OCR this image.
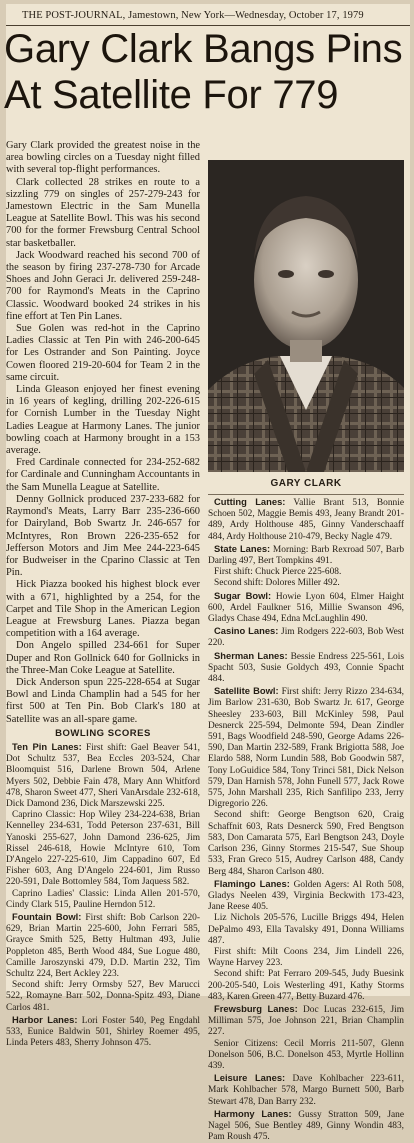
THE POST-JOURNAL, Jamestown, New York—Wednesday, October 17, 1979
Gary Clark Bangs Pins
At Satellite For 779

Gary Clark provided the greatest noise in the area bowling circles on a Tuesday night filled with several top-flight performances.

Clark collected 28 strikes en route to a sizzling 779 on singles of 257-279-243 for Jamestown Electric in the Sam Munella League at Satellite Bowl. This was his second 700 for the former Frewsburg Central School star basketballer.

Jack Woodward reached his second 700 of the season by firing 237-278-730 for Arcade Shoes and John Geraci Jr. delivered 259-248-700 for Raymond's Meats in the Caprino Classic. Woodward booked 24 strikes in his fine effort at Ten Pin Lanes.

Sue Golen was red-hot in the Caprino Ladies Classic at Ten Pin with 246-200-645 for Les Ostrander and Son Painting. Joyce Cowen floored 219-20-604 for Team 2 in the same circuit.

Linda Gleason enjoyed her finest evening in 16 years of kegling, drilling 202-226-615 for Cornish Lumber in the Tuesday Night Ladies League at Harmony Lanes. The junior bowling coach at Harmony brought in a 153 average.

Fred Cardinale connected for 234-252-682 for Cardinale and Cunningham Accountants in the Sam Munella League at Satellite.

Denny Gollnick produced 237-233-682 for Raymond's Meats, Larry Barr 235-236-660 for Dairyland, Bob Swartz Jr. 246-657 for McIntyres, Ron Brown 226-235-652 for Jefferson Motors and Jim Mee 244-223-645 for Budweiser in the Cparino Classic at Ten Pin.

Hick Piazza booked his highest block ever with a 671, highlighted by a 254, for the Carpet and Tile Shop in the American Legion League at Frewsburg Lanes. Piazza began competition with a 164 average.

Don Angelo spilled 234-661 for Super Duper and Ron Gollnick 640 for Gollnicks in the Three-Man Coke League at Satellite.

Dick Anderson spun 225-228-654 at Sugar Bowl and Linda Champlin had a 545 for her first 500 at Ten Pin. Bob Clark's 180 at Satellite was an all-spare game.

BOWLING SCORES

Ten Pin Lanes: First shift: Gael Beaver 541, Dot Schultz 537, Bea Eccles 203-524, Char Bloomquist 516, Darlene Brown 504, Arlene Myers 502, Debbie Fain 478, Mary Ann Whitford 478, Sharon Sweet 477, Sheri VanArsdale 232-618, Dick Damond 236, Dick Marszewski 225.

Caprino Classic: Hop Wiley 234-224-638, Brian Kennelley 234-631, Todd Peterson 237-631, Bill Yanoski 255-627, John Damond 236-625, Jim Rissel 246-618, Howie McIntyre 610, Tom D'Angelo 227-225-610, Jim Cappadino 607, Ed Fisher 603, Ang D'Angelo 224-601, Jim Russo 220-591, Dale Bottomley 584, Tom Jaquess 582.

Caprino Ladies' Classic: Linda Allen 201-570, Cindy Clark 515, Pauline Herndon 512.

Fountain Bowl: First shift: Bob Carlson 220-629, Brian Martin 225-600, John Ferrari 585, Grayce Smith 525, Betty Hultman 493, Julie Poppleton 485, Berth Wood 484, Sue Logue 480, Camille Jaroszynski 479, D.D. Martin 232, Tim Schultz 224, Bert Ackley 223.

Second shift: Jerry Ormsby 527, Bev Marucci 522, Romayne Barr 502, Donna-Spitz 493, Diane Carlos 481.

Harbor Lanes: Lori Foster 540, Peg Engdahl 533, Eunice Baldwin 501, Shirley Roemer 495, Linda Peters 483, Sherry Johnson 475.

GARY CLARK

Cutting Lanes: Vallie Brant 513, Bonnie Schoen 502, Maggie Bemis 493, Jeany Brandt 201-489, Ardy Holthouse 485, Ginny Vanderschaaff 484, Ardy Holthouse 210-479, Becky Nagle 479.

State Lanes: Morning: Barb Rexroad 507, Barb Darling 497, Bert Tompkins 491.

First shift: Chuck Pierce 225-608.

Second shift: Dolores Miller 492.

Sugar Bowl: Howie Lyon 604, Elmer Haight 600, Ardel Faulkner 516, Millie Swanson 496, Gladys Chase 494, Edna McLaughlin 490.

Casino Lanes: Jim Rodgers 222-603, Bob West 220.

Sherman Lanes: Bessie Endress 225-561, Lois Spacht 503, Susie Goldych 493, Connie Spacht 484.

Satellite Bowl: First shift: Jerry Rizzo 234-634, Jim Barlow 231-630, Bob Swartz Jr. 617, George Sheesley 233-603, Bill McKinley 598, Paul Desnerck 225-594, Delmonte 594, Dean Zindler 591, Bags Woodfield 248-590, George Adams 226-590, Dan Martin 232-589, Frank Brigiotta 588, Joe Elardo 588, Norm Lundin 588, Bob Goodwin 587, Tony LoGuidice 584, Tony Trinci 581, Dick Nelson 579, Dan Harnish 578, John Funell 577, Jack Rowe 575, John Marshall 235, Rich Sanfilipo 233, Jerry Digregorio 226.

Second shift: George Bengtson 620, Craig Schaffnit 603, Rats Desnerck 590, Fred Bengtson 583, Don Camarata 575, Earl Bengtson 243, Doyle Carlson 236, Ginny Stormes 215-547, Sue Shoup 533, Fran Greco 515, Audrey Carlson 488, Candy Berg 484, Sharon Carlson 480.

Flamingo Lanes: Golden Agers: Al Roth 508, Gladys Neelen 439, Virginia Beckwith 173-423, Jane Reese 405.

Liz Nichols 205-576, Lucille Briggs 494, Helen DePalmo 493, Ella Tavalsky 491, Donna Williams 487.

First shift: Milt Coons 234, Jim Lindell 226, Wayne Harvey 223.

Second shift: Pat Ferraro 209-545, Judy Buesink 200-205-540, Lois Westerling 491, Kathy Storms 483, Karen Green 477, Betty Buzard 476.

Frewsburg Lanes: Doc Lucas 232-615, Jim Milliman 575, Joe Johnson 221, Brian Champlin 227.

Senior Citizens: Cecil Morris 211-507, Glenn Donelson 506, B.C. Donelson 453, Myrtle Hollinn 439.

Leisure Lanes: Dave Kohlbacher 223-611, Mark Kohlbacher 578, Margo Burnett 500, Barb Stewart 478, Dan Barry 232.

Harmony Lanes: Gussy Stratton 509, Jane Nagel 506, Sue Bentley 489, Ginny Wondin 483, Pam Roush 475.
